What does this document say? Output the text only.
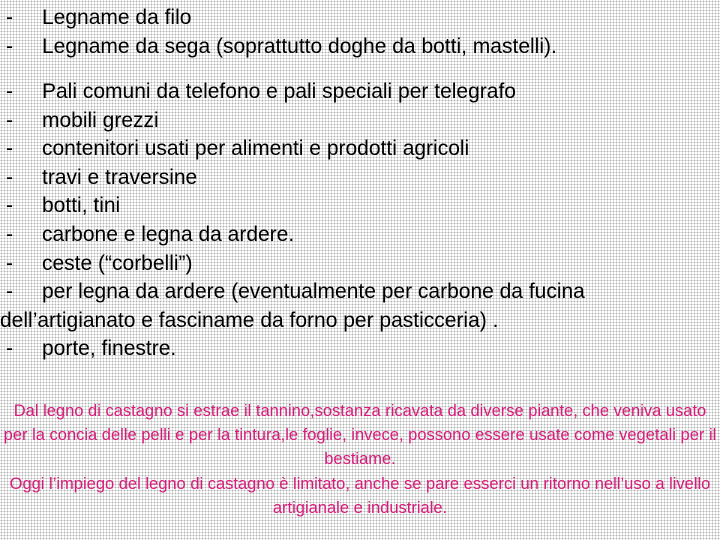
- Legname da filo
- Legname da sega (soprattutto doghe da botti, mastelli).
- Pali comuni da telefono e pali speciali per telegrafo
- mobili grezzi
- contenitori usati per alimenti e prodotti agricoli
- travi e traversine
- botti, tini
- carbone e legna da ardere.
- ceste (“corbelli”)
- per legna da ardere (eventualmente per carbone da fucina dell’artigianato e fasciname da forno per pasticceria) .
- porte, finestre.

Dal legno di castagno si estrae il tannino,sostanza ricavata da diverse piante, che veniva usato per la concia delle pelli e per la tintura,le foglie, invece, possono essere usate come vegetali per il bestiame.

Oggi l’impiego del legno di castagno è limitato, anche se pare esserci un ritorno nell’uso a livello artigianale e industriale.
